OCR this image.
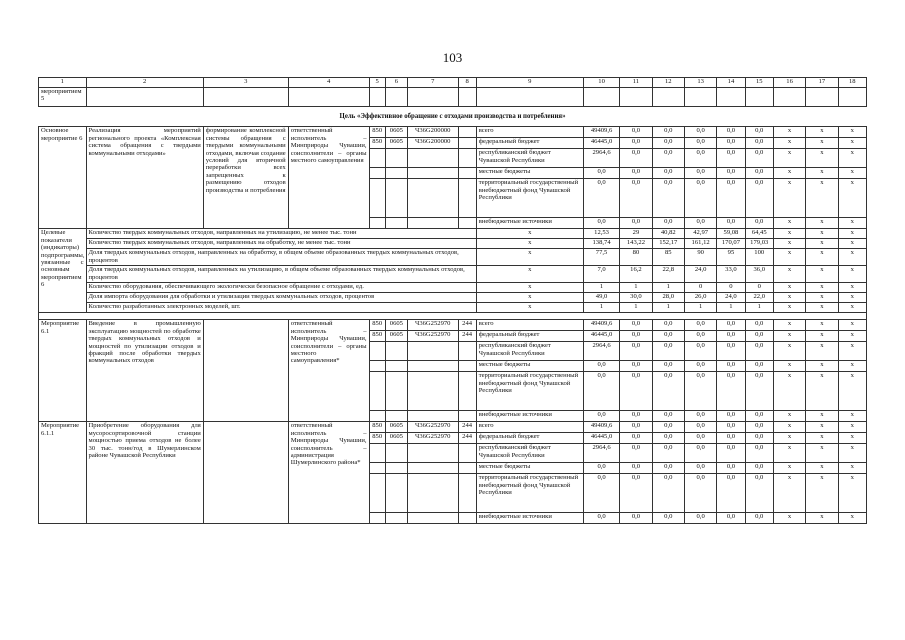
103
1	2	3	4	5	6	7	8	9	10	11	12	13	14	15	16	17	18
мероприятием 5																	
Цель «Эффективное обращение с отходами производства и потребления»																	
Основное мероприятие 6	Реализация мероприятий регионального проекта «Комплексная система обращения с твердыми коммунальными отходами»	формирование комплексной системы обращения с твердыми коммунальными отходами, включая создание условий для вторичной переработки всех запрещенных к размещению отходов производства и потребления	ответственный исполнитель – Минприроды Чувашии, соисполнители – органы местного самоуправления	850	0605	Ч36G200000		всего	49409,6	0,0	0,0	0,0	0,0	0,0	x	x	x
				850	0605	Ч36G200000		федеральный бюджет	46445,0	0,0	0,0	0,0	0,0	0,0	x	x	x
								республиканский бюджет Чувашской Республики	2964,6	0,0	0,0	0,0	0,0	0,0	x	x	x
								местные бюджеты	0,0	0,0	0,0	0,0	0,0	0,0	x	x	x
								территориальный государственный внебюджетный фонд Чувашской Республики	0,0	0,0	0,0	0,0	0,0	0,0	x	x	x
								внебюджетные источники	0,0	0,0	0,0	0,0	0,0	0,0	x	x	x
Целевые показатели (индикаторы) подпрограммы, увязанные с основным мероприятием 6	Количество твердых коммунальных отходов, направленных на утилизацию, не менее тыс. тонн							x	12,53	29	40,82	42,97	59,08	64,45	x	x	x
	Количество твердых коммунальных отходов, направленных на обработку, не менее тыс. тонн							x	138,74	143,22	152,17	161,12	170,07	179,03	x	x	x
	Доля твердых коммунальных отходов, направленных на обработку, в общем объеме образованных твердых коммунальных отходов, процентов							x	77,5	80	85	90	95	100	x	x	x
	Доля твердых коммунальных отходов, направленных на утилизацию, в общем объеме образованных твердых коммунальных отходов, процентов							x	7,0	16,2	22,8	24,0	33,0	36,0	x	x	x
	Количество оборудования, обеспечивающего экологически безопасное обращение с отходами, ед.							x	1	1	1	0	0	0	x	x	x
	Доля импорта оборудования для обработки и утилизации твердых коммунальных отходов, процентов							x	49,0	30,0	28,0	26,0	24,0	22,0	x	x	x
	Количество разработанных электронных моделей, шт.							x	1	1	1	1	1	1	x	x	x

Мероприятие 6.1	Введение в промышленную эксплуатацию мощностей по обработке твердых коммунальных отходов и мощностей по утилизации отходов и фракций после обработки твердых коммунальных отходов		ответственный исполнитель – Минприроды Чувашии, соисполнители – органы местного самоуправления*	850	0605	Ч36G252970	244	всего	49409,6	0,0	0,0	0,0	0,0	0,0	x	x	x
				850	0605	Ч36G252970	244	федеральный бюджет	46445,0	0,0	0,0	0,0	0,0	0,0	x	x	x
								республиканский бюджет Чувашской Республики	2964,6	0,0	0,0	0,0	0,0	0,0	x	x	x
								местные бюджеты	0,0	0,0	0,0	0,0	0,0	0,0	x	x	x
								территориальный государственный внебюджетный фонд Чувашской Республики	0,0	0,0	0,0	0,0	0,0	0,0	x	x	x
								внебюджетные источники	0,0	0,0	0,0	0,0	0,0	0,0	x	x	x
Мероприятие 6.1.1	Приобретение оборудования для мусоросортировочной станции мощностью приема отходов не более 30 тыс. тонн/год в Шумерлинском районе Чувашской Республики		ответственный исполнитель – Минприроды Чувашии, соисполнитель – администрация Шумерлинского района*	850	0605	Ч36G252970	244	всего	49409,6	0,0	0,0	0,0	0,0	0,0	x	x	x
				850	0605	Ч36G252970	244	федеральный бюджет	46445,0	0,0	0,0	0,0	0,0	0,0	x	x	x
								республиканский бюджет Чувашской Республики	2964,6	0,0	0,0	0,0	0,0	0,0	x	x	x
								местные бюджеты	0,0	0,0	0,0	0,0	0,0	0,0	x	x	x
								территориальный государственный внебюджетный фонд Чувашской Республики	0,0	0,0	0,0	0,0	0,0	0,0	x	x	x
								внебюджетные источники	0,0	0,0	0,0	0,0	0,0	0,0	x	x	x
